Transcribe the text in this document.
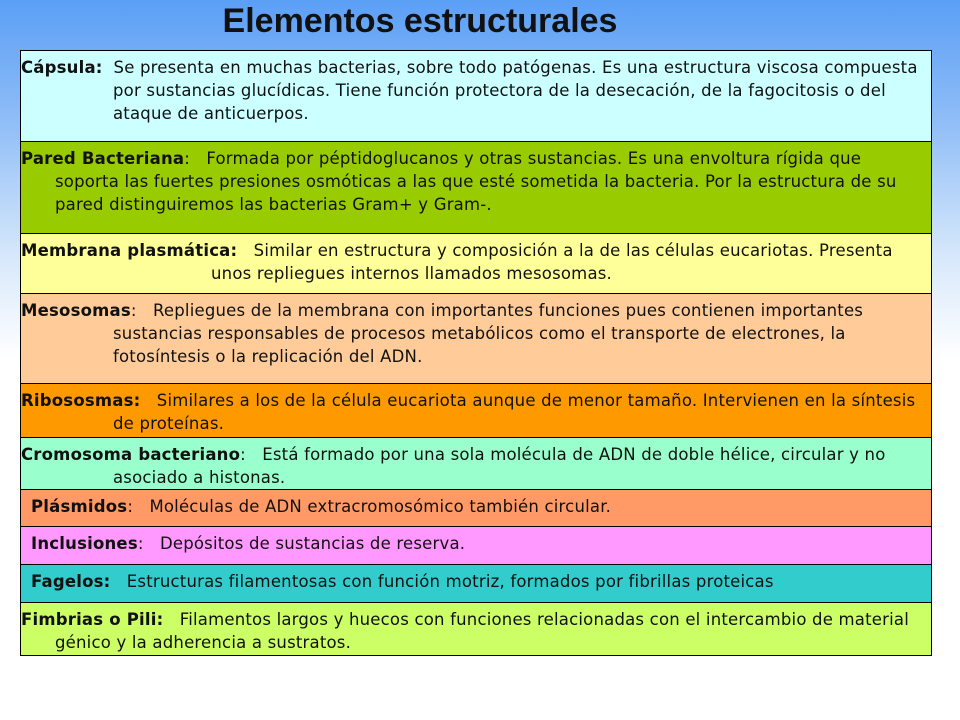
Elementos estructurales
Cápsula: Se presenta en muchas bacterias, sobre todo patógenas. Es una estructura viscosa compuesta por sustancias glucídicas. Tiene función protectora de la desecación, de la fagocitosis o del ataque de anticuerpos.
Pared Bacteriana: Formada por péptidoglucanos y otras sustancias. Es una envoltura rígida que soporta las fuertes presiones osmóticas a las que esté sometida la bacteria. Por la estructura de su pared distinguiremos las bacterias Gram+ y Gram-.
Membrana plasmática: Similar en estructura y composición a la de las células eucariotas. Presenta unos repliegues internos llamados mesosomas.
Mesosomas: Repliegues de la membrana con importantes funciones pues contienen importantes sustancias responsables de procesos metabólicos como el transporte de electrones, la fotosíntesis o la replicación del ADN.
Ribososmas: Similares a los de la célula eucariota aunque de menor tamaño. Intervienen en la síntesis de proteínas.
Cromosoma bacteriano: Está formado por una sola molécula de ADN de doble hélice, circular y no asociado a histonas.
Plásmidos: Moléculas de ADN extracromosómico también circular.
Inclusiones: Depósitos de sustancias de reserva.
Fagelos: Estructuras filamentosas con función motriz, formados por fibrillas proteicas
Fimbrias o Pili: Filamentos largos y huecos con funciones relacionadas con el intercambio de material génico y la adherencia a sustratos.
